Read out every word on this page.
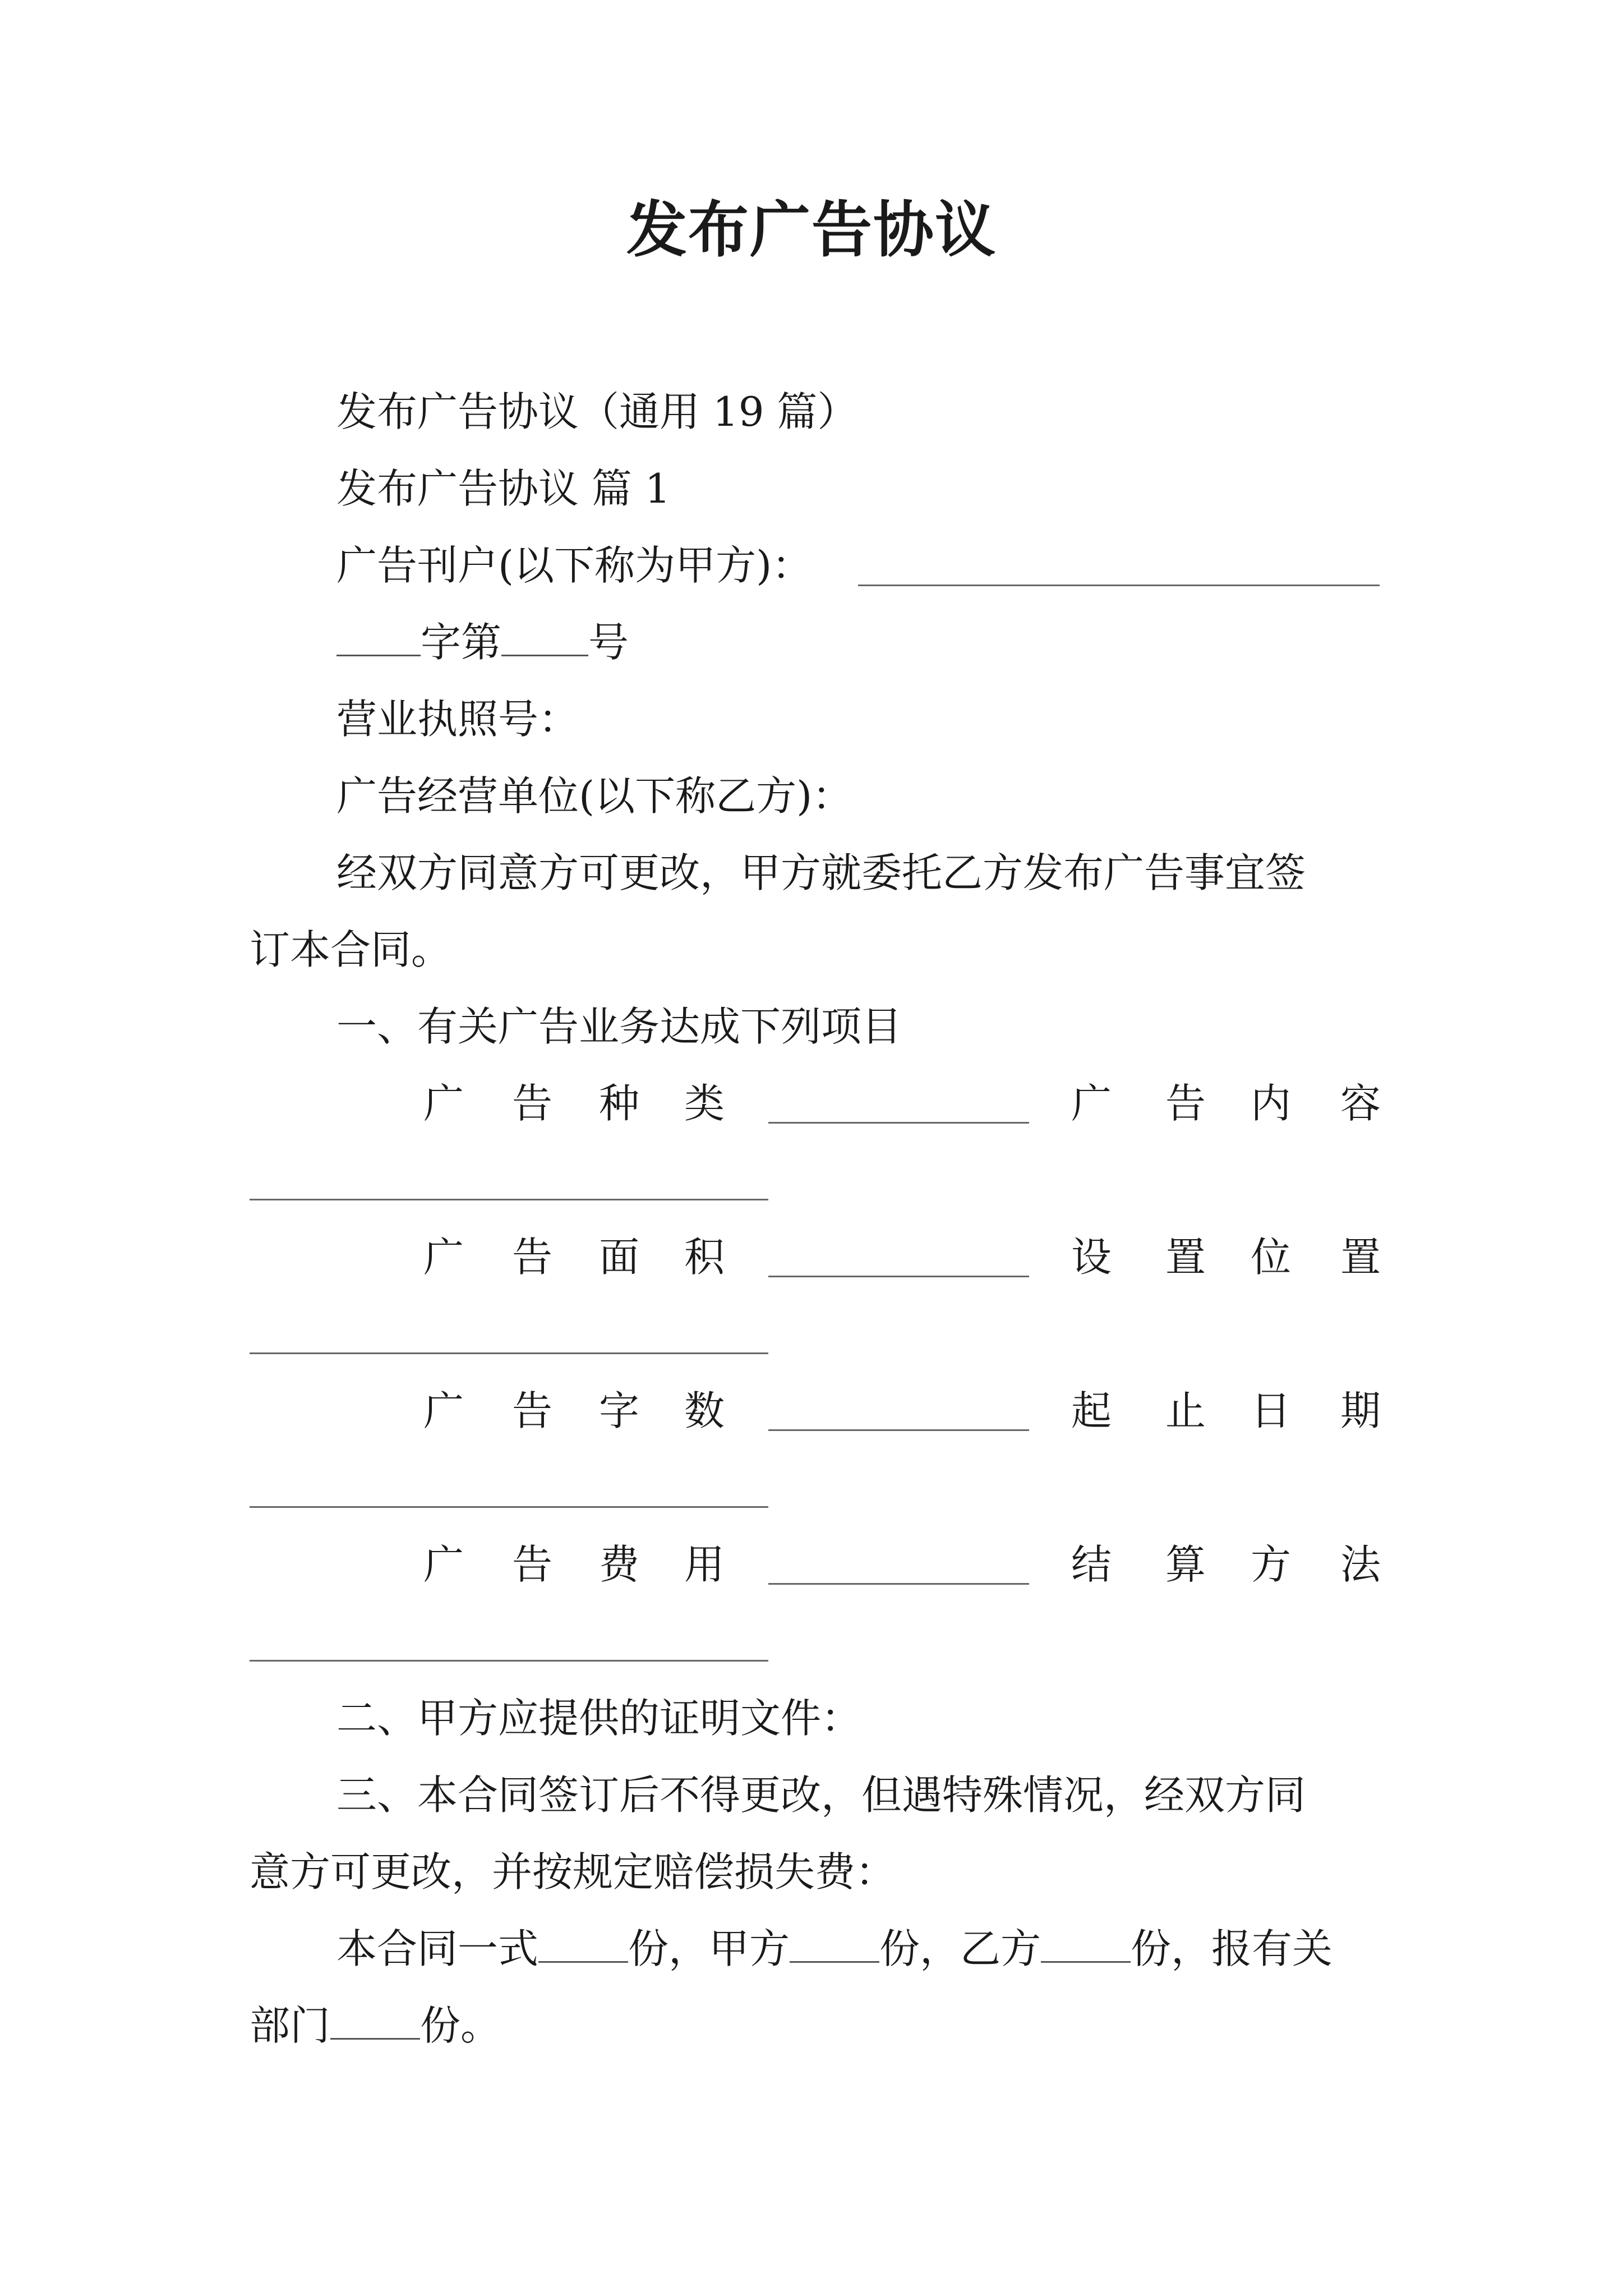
发布广告协议
发布广告协议（通用 19 篇）
发布广告协议 篇 1
广告刊户(以下称为甲方)：
字第 号
营业执照号：
广告经营单位(以下称乙方)：
经双方同意方可更改，甲方就委托乙方发布广告事宜签
订本合同。
一、有关广告业务达成下列项目
广 告 种 类	广 告 内 容
广 告 面 积	设 置 位 置
广 告 字 数	起 止 日 期
广 告 费 用	结 算 方 法
二、甲方应提供的证明文件：
三、本合同签订后不得更改，但遇特殊情况，经双方同
意方可更改，并按规定赔偿损失费：
本合同一式 份，甲方 份，乙方 份，报有关
部门 份。
